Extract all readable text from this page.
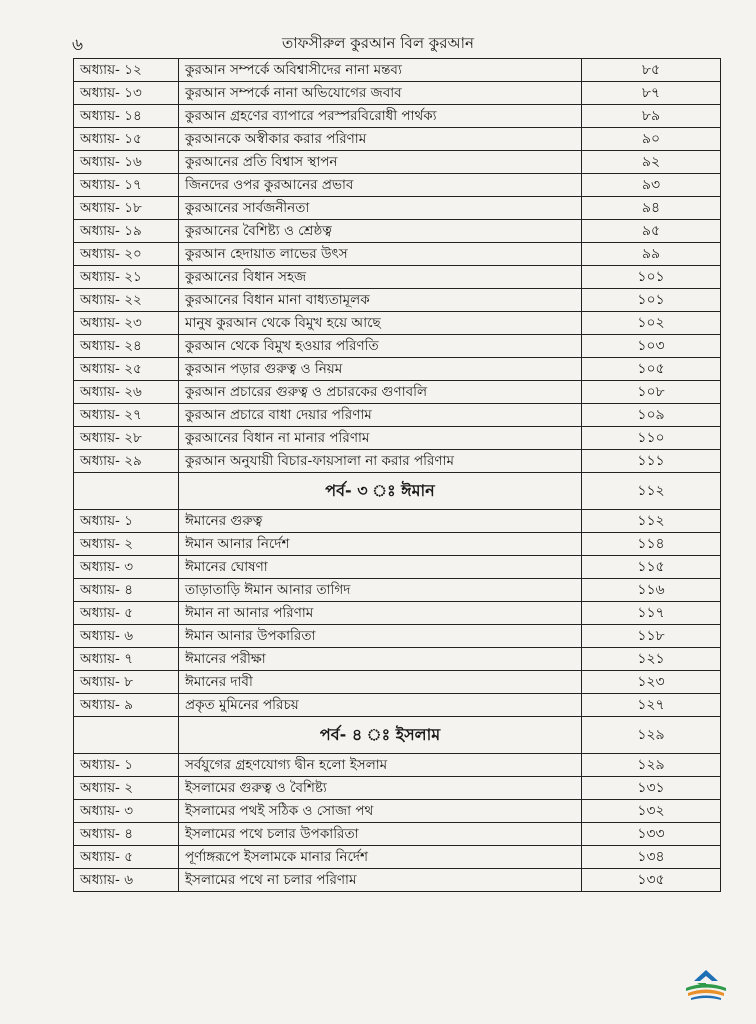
৬	তাফসীরুল কুরআন বিল কুরআন
অধ্যায়- ১২	কুরআন সম্পর্কে অবিশ্বাসীদের নানা মন্তব্য	৮৫
অধ্যায়- ১৩	কুরআন সম্পর্কে নানা অভিযোগের জবাব	৮৭
অধ্যায়- ১৪	কুরআন গ্রহণের ব্যাপারে পরস্পরবিরোধী পার্থক্য	৮৯
অধ্যায়- ১৫	কুরআনকে অস্বীকার করার পরিণাম	৯০
অধ্যায়- ১৬	কুরআনের প্রতি বিশ্বাস স্থাপন	৯২
অধ্যায়- ১৭	জিনদের ওপর কুরআনের প্রভাব	৯৩
অধ্যায়- ১৮	কুরআনের সার্বজনীনতা	৯৪
অধ্যায়- ১৯	কুরআনের বৈশিষ্ট্য ও শ্রেষ্ঠত্ব	৯৫
অধ্যায়- ২০	কুরআন হেদায়াত লাভের উৎস	৯৯
অধ্যায়- ২১	কুরআনের বিধান সহজ	১০১
অধ্যায়- ২২	কুরআনের বিধান মানা বাধ্যতামূলক	১০১
অধ্যায়- ২৩	মানুষ কুরআন থেকে বিমুখ হয়ে আছে	১০২
অধ্যায়- ২৪	কুরআন থেকে বিমুখ হওয়ার পরিণতি	১০৩
অধ্যায়- ২৫	কুরআন পড়ার গুরুত্ব ও নিয়ম	১০৫
অধ্যায়- ২৬	কুরআন প্রচারের গুরুত্ব ও প্রচারকের গুণাবলি	১০৮
অধ্যায়- ২৭	কুরআন প্রচারে বাধা দেয়ার পরিণাম	১০৯
অধ্যায়- ২৮	কুরআনের বিধান না মানার পরিণাম	১১০
অধ্যায়- ২৯	কুরআন অনুযায়ী বিচার-ফায়সালা না করার পরিণাম	১১১
	পর্ব- ৩ ঃ ঈমান	১১২
অধ্যায়- ১	ঈমানের গুরুত্ব	১১২
অধ্যায়- ২	ঈমান আনার নির্দেশ	১১৪
অধ্যায়- ৩	ঈমানের ঘোষণা	১১৫
অধ্যায়- ৪	তাড়াতাড়ি ঈমান আনার তাগিদ	১১৬
অধ্যায়- ৫	ঈমান না আনার পরিণাম	১১৭
অধ্যায়- ৬	ঈমান আনার উপকারিতা	১১৮
অধ্যায়- ৭	ঈমানের পরীক্ষা	১২১
অধ্যায়- ৮	ঈমানের দাবী	১২৩
অধ্যায়- ৯	প্রকৃত মুমিনের পরিচয়	১২৭
	পর্ব- ৪ ঃ ইসলাম	১২৯
অধ্যায়- ১	সর্বযুগের গ্রহণযোগ্য দ্বীন হলো ইসলাম	১২৯
অধ্যায়- ২	ইসলামের গুরুত্ব ও বৈশিষ্ট্য	১৩১
অধ্যায়- ৩	ইসলামের পথই সঠিক ও সোজা পথ	১৩২
অধ্যায়- ৪	ইসলামের পথে চলার উপকারিতা	১৩৩
অধ্যায়- ৫	পূর্ণাঙ্গরূপে ইসলামকে মানার নির্দেশ	১৩৪
অধ্যায়- ৬	ইসলামের পথে না চলার পরিণাম	১৩৫
